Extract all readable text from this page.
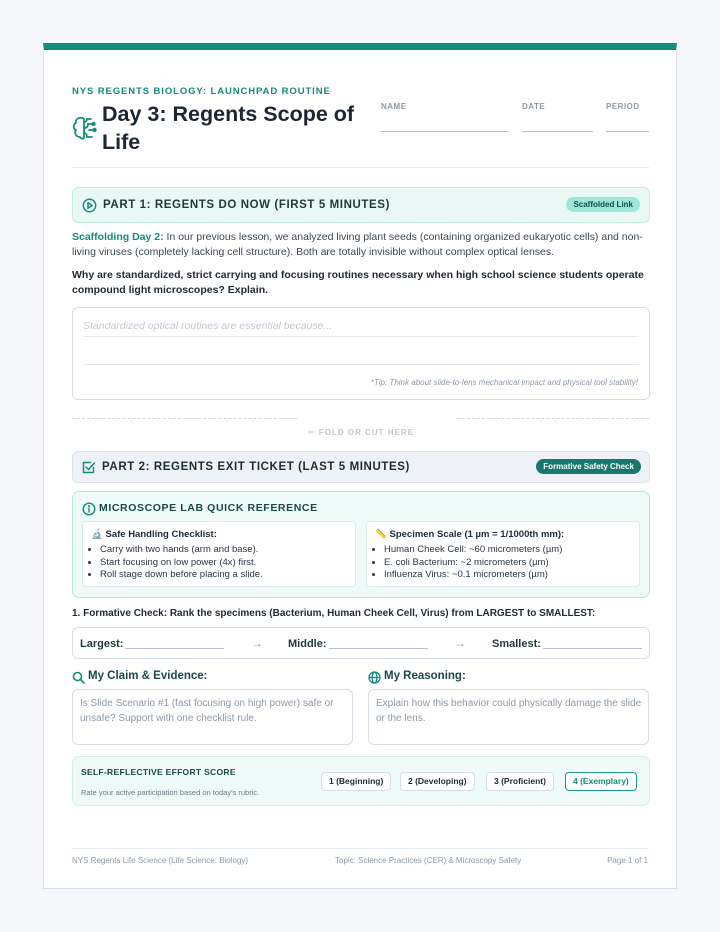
NYS REGENTS BIOLOGY: LAUNCHPAD ROUTINE
Day 3: Regents Scope of Life
NAME	DATE	PERIOD
PART 1: REGENTS DO NOW (FIRST 5 MINUTES)	Scaffolded Link
Scaffolding Day 2: In our previous lesson, we analyzed living plant seeds (containing organized eukaryotic cells) and non-living viruses (completely lacking cell structure). Both are totally invisible without complex optical lenses.
Why are standardized, strict carrying and focusing routines necessary when high school science students operate compound light microscopes? Explain.
Standardized optical routines are essential because...
*Tip: Think about slide-to-lens mechanical impact and physical tool stability!
✂ FOLD OR CUT HERE
PART 2: REGENTS EXIT TICKET (LAST 5 MINUTES)	Formative Safety Check
MICROSCOPE LAB QUICK REFERENCE
🔬 Safe Handling Checklist:
• Carry with two hands (arm and base).
• Start focusing on low power (4x) first.
• Roll stage down before placing a slide.
📏 Specimen Scale (1 µm = 1/1000th mm):
• Human Cheek Cell: ~60 micrometers (µm)
• E. coli Bacterium: ~2 micrometers (µm)
• Influenza Virus: ~0.1 micrometers (µm)
1. Formative Check: Rank the specimens (Bacterium, Human Cheek Cell, Virus) from LARGEST to SMALLEST:
Largest:	→ Middle:	→ Smallest:
My Claim & Evidence:
Is Slide Scenario #1 (fast focusing on high power) safe or unsafe? Support with one checklist rule.
My Reasoning:
Explain how this behavior could physically damage the slide or the lens.
SELF-REFLECTIVE EFFORT SCORE
Rate your active participation based on today's rubric.
1 (Beginning)	2 (Developing)	3 (Proficient)	4 (Exemplary)
NYS Regents Life Science (Life Science: Biology)	Topic: Science Practices (CER) & Microscopy Safety	Page 1 of 1
